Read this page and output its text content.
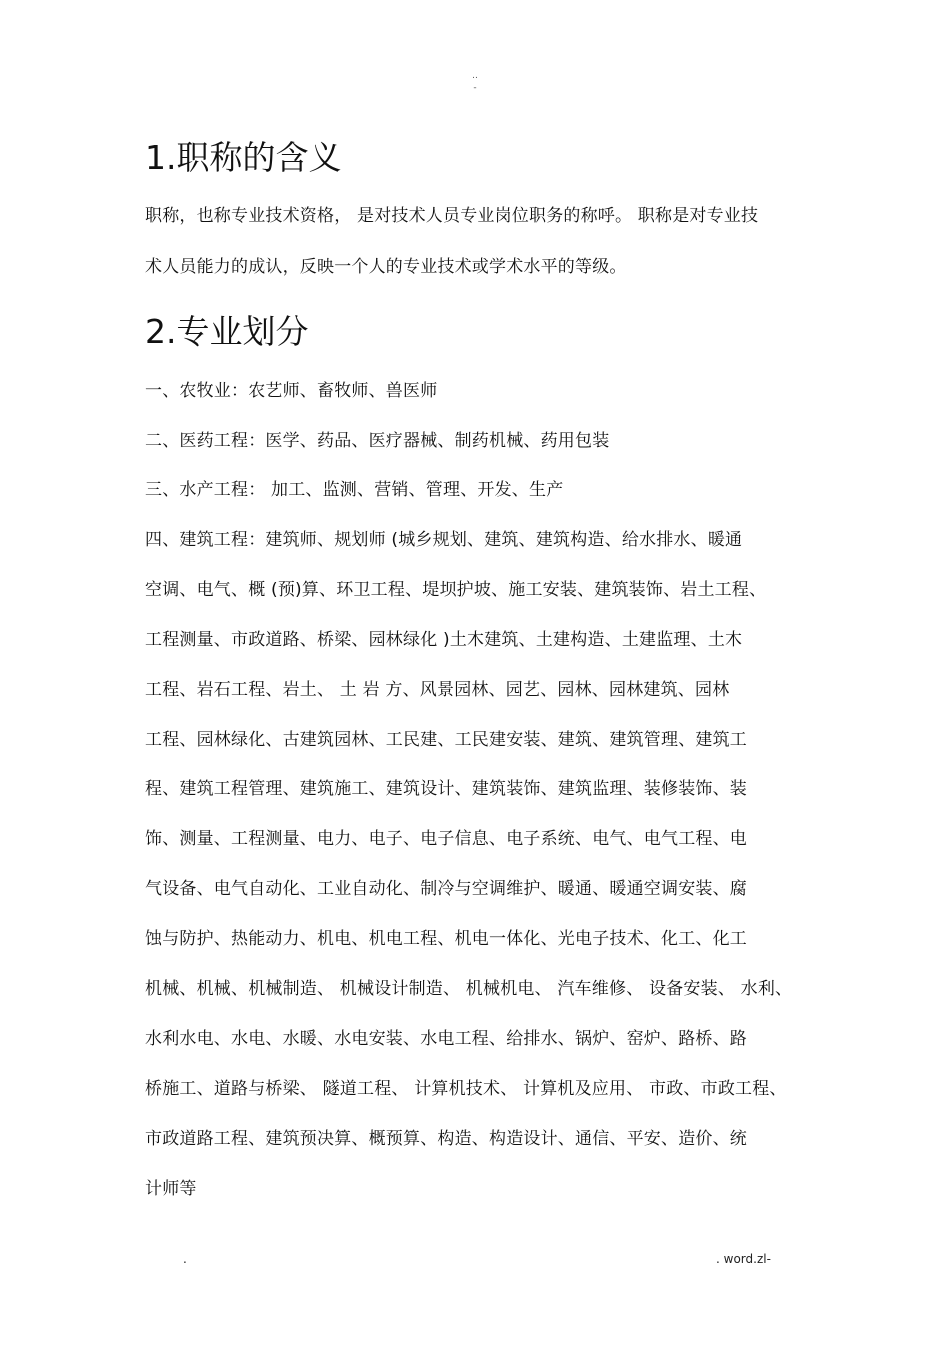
..
-
1.职称的含义

职称，也称专业技术资格， 是对技术人员专业岗位职务的称呼。 职称是对专业技

术人员能力的成认，反映一个人的专业技术或学术水平的等级。

2.专业划分

一、农牧业：农艺师、畜牧师、兽医师

二、医药工程：医学、药品、医疗器械、制药机械、药用包装

三、水产工程： 加工、监测、营销、管理、开发、生产

四、建筑工程：建筑师、规划师 (城乡规划、建筑、建筑构造、给水排水、暖通

空调、电气、概 (预)算、环卫工程、堤坝护坡、施工安装、建筑装饰、岩土工程、

工程测量、市政道路、桥梁、园林绿化 )土木建筑、土建构造、土建监理、土木

工程、岩石工程、岩土、 土 岩 方、风景园林、园艺、园林、园林建筑、园林

工程、园林绿化、古建筑园林、工民建、工民建安装、建筑、建筑管理、建筑工

程、建筑工程管理、建筑施工、建筑设计、建筑装饰、建筑监理、装修装饰、装

饰、测量、工程测量、电力、电子、电子信息、电子系统、电气、电气工程、电

气设备、电气自动化、工业自动化、制冷与空调维护、暖通、暖通空调安装、腐

蚀与防护、热能动力、机电、机电工程、机电一体化、光电子技术、化工、化工

机械、机械、机械制造、 机械设计制造、 机械机电、 汽车维修、 设备安装、 水利、

水利水电、水电、水暖、水电安装、水电工程、给排水、锅炉、窑炉、路桥、路

桥施工、道路与桥梁、 隧道工程、 计算机技术、 计算机及应用、 市政、市政工程、

市政道路工程、建筑预决算、概预算、构造、构造设计、通信、平安、造价、统

计师等

.	. word.zl-
